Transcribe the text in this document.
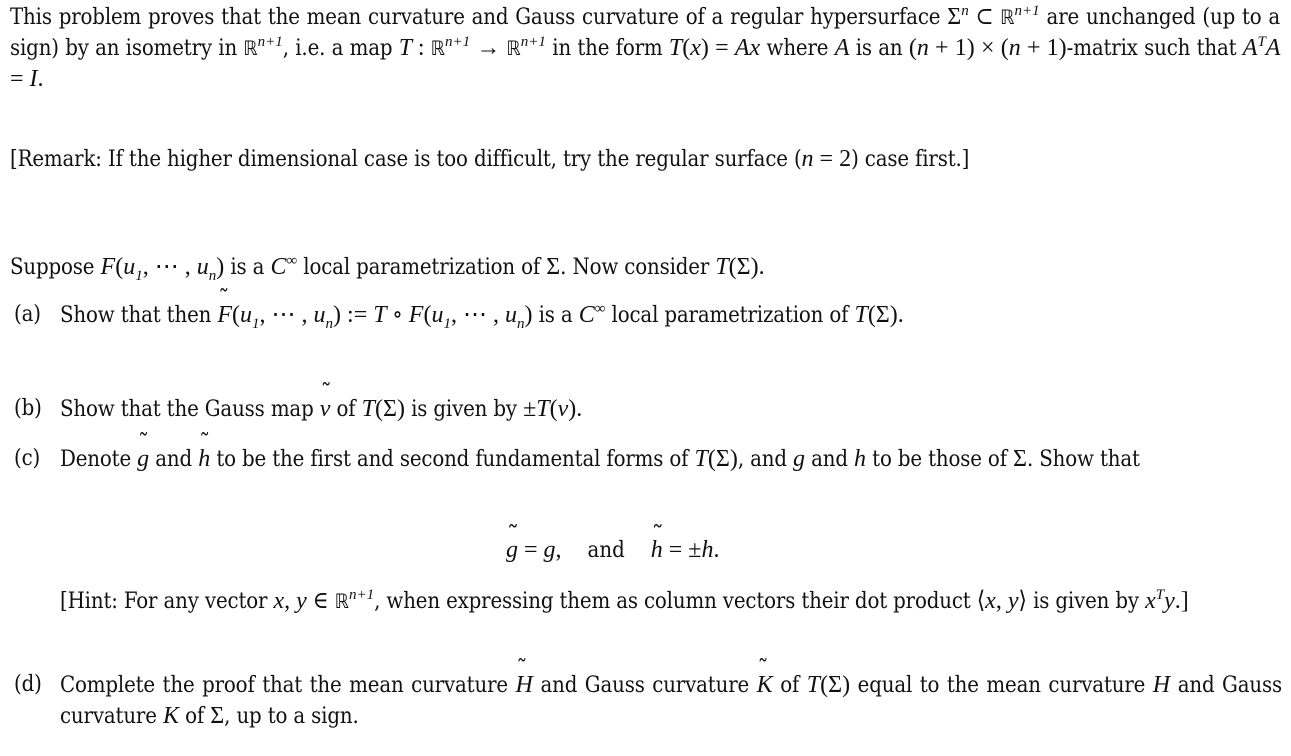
This problem proves that the mean curvature and Gauss curvature of a regular hypersurface $\Sigma^n$ ⊂ ℝ$^{n+1}$ are unchanged (up to a sign) by an isometry in ℝ$^{n+1}$, i.e. a map T : ℝ$^{n+1}$ → ℝ$^{n+1}$ in the form T(x) = Ax where A is an (n + 1) × (n + 1)-matrix such that $A^TA = I$.

[Remark: If the higher dimensional case is too difficult, try the regular surface (n = 2) case first.]

Suppose $F(u_1$, ⋯ , $u_n$) is a C∞ local parametrization of Σ. Now consider T(Σ).

(a) Show that then ˜ $F(u_1$, ⋯ , $u_n$) := T ∘ $F(u_1$, ⋯ , $u_n$) is a C∞ local parametrization of T(Σ).

(b) Show that the Gauss map ˜ ν of T(Σ) is given by ±T(ν).

(c) Denote ˜ g and ˜ h to be the first and second fundamental forms of T(Σ), and g and h to be those of Σ. Show that

˜ g = g, and ˜ h = ±h.

[Hint: For any vector x, y ∈ ℝ$^{n+1}$, when expressing them as column vectors their dot product ⟨x, y⟩ is given by $x^Ty$.]

(d) Complete the proof that the mean curvature ˜ H and Gauss curvature ˜ K of T(Σ) equal to the mean curvature H and Gauss curvature K of Σ, up to a sign.
